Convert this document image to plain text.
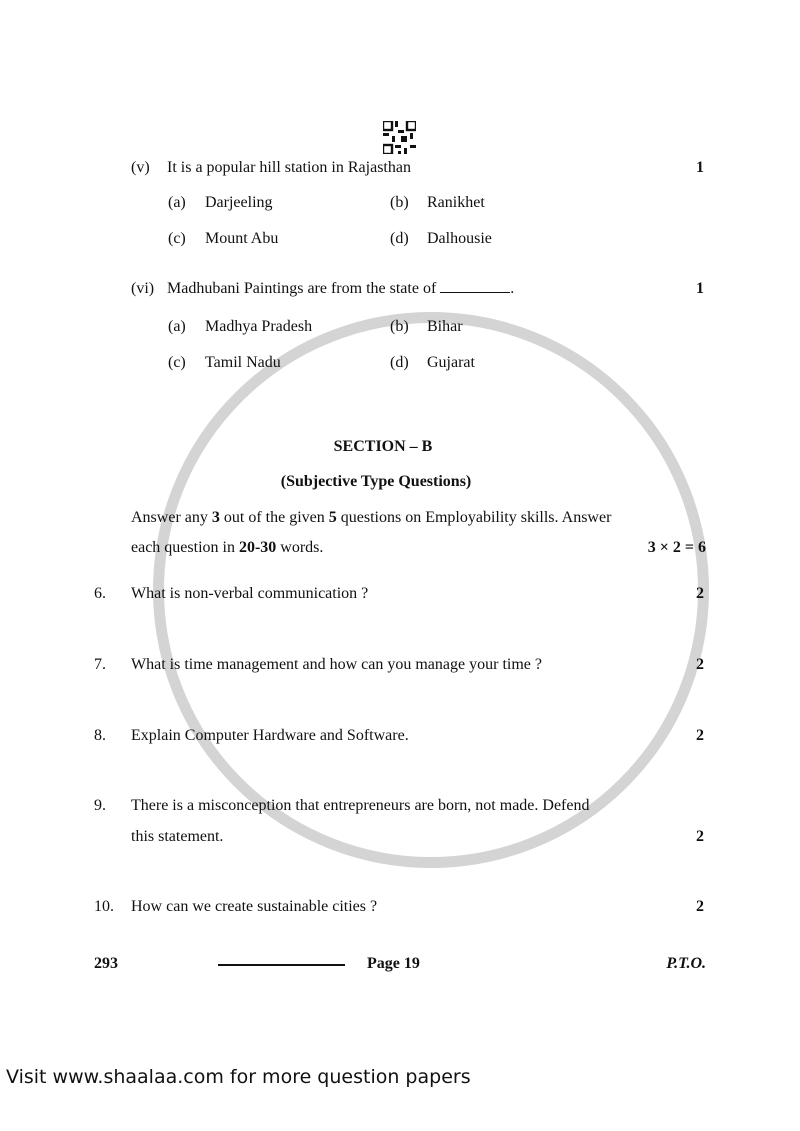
(v) It is a popular hill station in Rajasthan	1
(a) Darjeeling	(b) Ranikhet
(c) Mount Abu	(d) Dalhousie
(vi) Madhubani Paintings are from the state of	.	1
(a) Madhya Pradesh	(b) Bihar
(c) Tamil Nadu	(d) Gujarat
SECTION – B
(Subjective Type Questions)
Answer any 3 out of the given 5 questions on Employability skills. Answer
each question in 20-30 words.	3 × 2 = 6
6. What is non-verbal communication ?	2
7. What is time management and how can you manage your time ?	2
8. Explain Computer Hardware and Software.	2
9. There is a misconception that entrepreneurs are born, not made. Defend
this statement.	2
10. How can we create sustainable cities ?	2
293	Page 19	P.T.O.
Visit www.shaalaa.com for more question papers
